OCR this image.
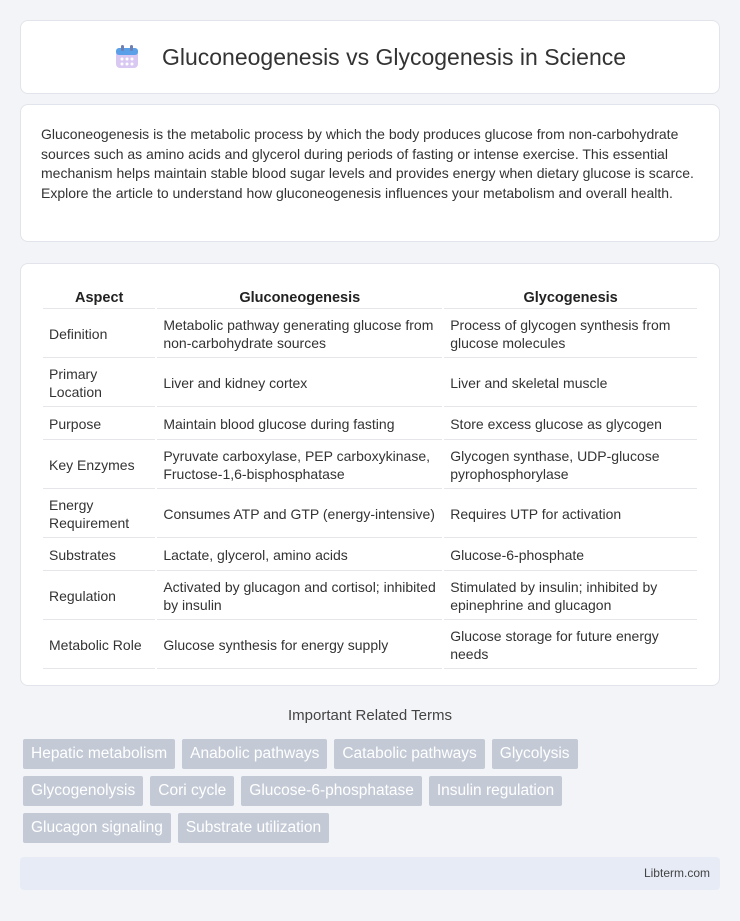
Gluconeogenesis vs Glycogenesis in Science

Gluconeogenesis is the metabolic process by which the body produces glucose from non-carbohydrate sources such as amino acids and glycerol during periods of fasting or intense exercise. This essential mechanism helps maintain stable blood sugar levels and provides energy when dietary glucose is scarce. Explore the article to understand how gluconeogenesis influences your metabolism and overall health.

Aspect	Gluconeogenesis	Glycogenesis
Definition	Metabolic pathway generating glucose from non-carbohydrate sources	Process of glycogen synthesis from glucose molecules
Primary Location	Liver and kidney cortex	Liver and skeletal muscle
Purpose	Maintain blood glucose during fasting	Store excess glucose as glycogen
Key Enzymes	Pyruvate carboxylase, PEP carboxykinase, Fructose-1,6-bisphosphatase	Glycogen synthase, UDP-glucose pyrophosphorylase
Energy Requirement	Consumes ATP and GTP (energy-intensive)	Requires UTP for activation
Substrates	Lactate, glycerol, amino acids	Glucose-6-phosphate
Regulation	Activated by glucagon and cortisol; inhibited by insulin	Stimulated by insulin; inhibited by epinephrine and glucagon
Metabolic Role	Glucose synthesis for energy supply	Glucose storage for future energy needs
Important Related Terms
Hepatic metabolism	Anabolic pathways	Catabolic pathways	Glycolysis
Glycogenolysis	Cori cycle	Glucose-6-phosphatase	Insulin regulation
Glucagon signaling	Substrate utilization
Libterm.com
